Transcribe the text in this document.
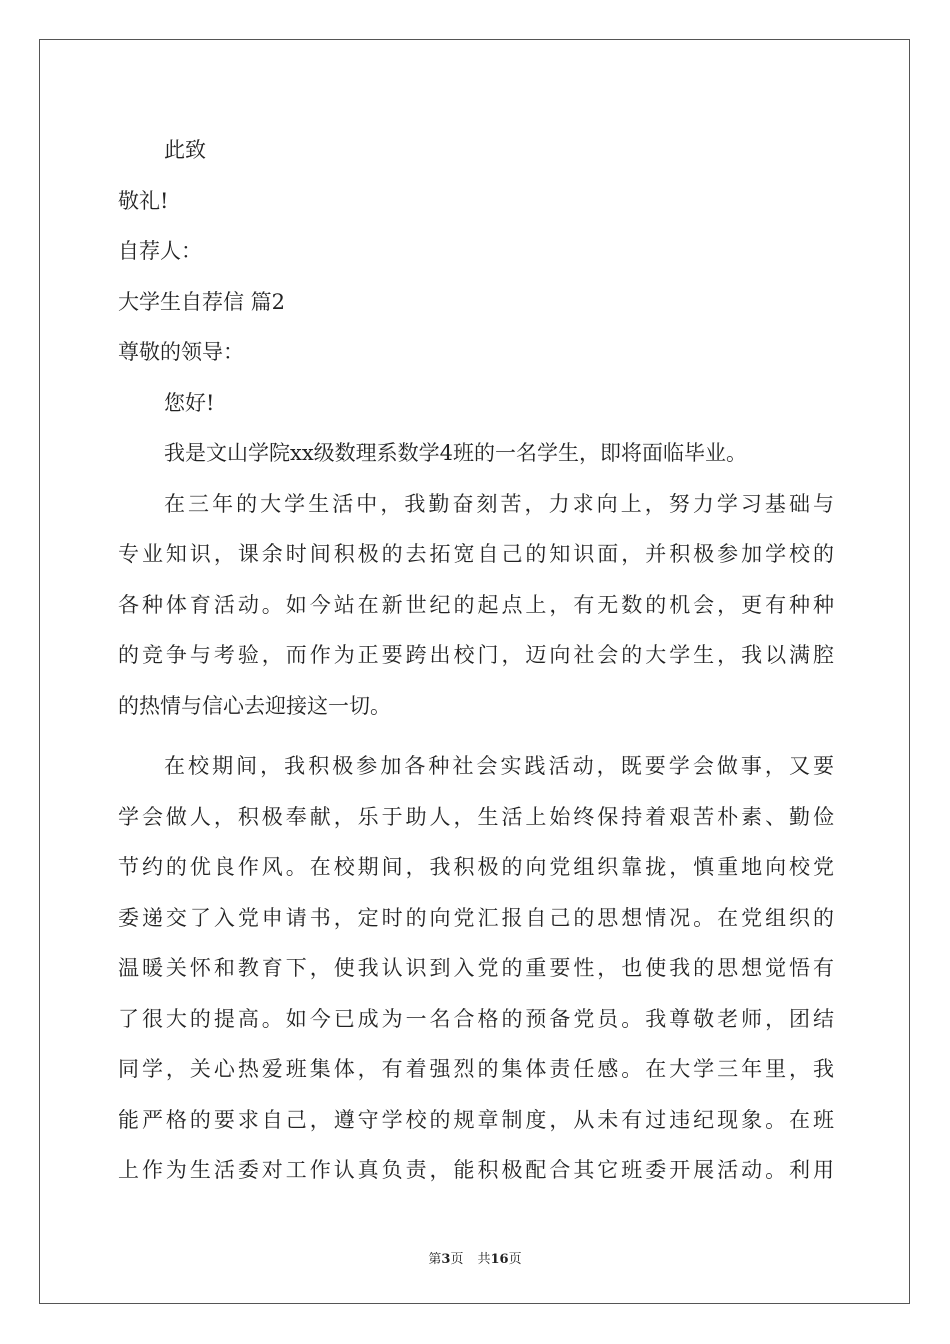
此致
敬礼!
自荐人：
大学生自荐信 篇2
尊敬的领导：
您好!
我是文山学院xx级数理系数学4班的一名学生，即将面临毕业。
在三年的大学生活中，我勤奋刻苦，力求向上，努力学习基础与
专业知识，课余时间积极的去拓宽自己的知识面，并积极参加学校的
各种体育活动。如今站在新世纪的起点上，有无数的机会，更有种种
的竞争与考验，而作为正要跨出校门，迈向社会的大学生，我以满腔
的热情与信心去迎接这一切。
在校期间，我积极参加各种社会实践活动，既要学会做事，又要
学会做人，积极奉献，乐于助人，生活上始终保持着艰苦朴素、勤俭
节约的优良作风。在校期间，我积极的向党组织靠拢，慎重地向校党
委递交了入党申请书，定时的向党汇报自己的思想情况。在党组织的
温暖关怀和教育下，使我认识到入党的重要性，也使我的思想觉悟有
了很大的提高。如今已成为一名合格的预备党员。我尊敬老师，团结
同学，关心热爱班集体，有着强烈的集体责任感。在大学三年里，我
能严格的要求自己，遵守学校的规章制度，从未有过违纪现象。在班
上作为生活委对工作认真负责，能积极配合其它班委开展活动。利用
第3页 共16页
